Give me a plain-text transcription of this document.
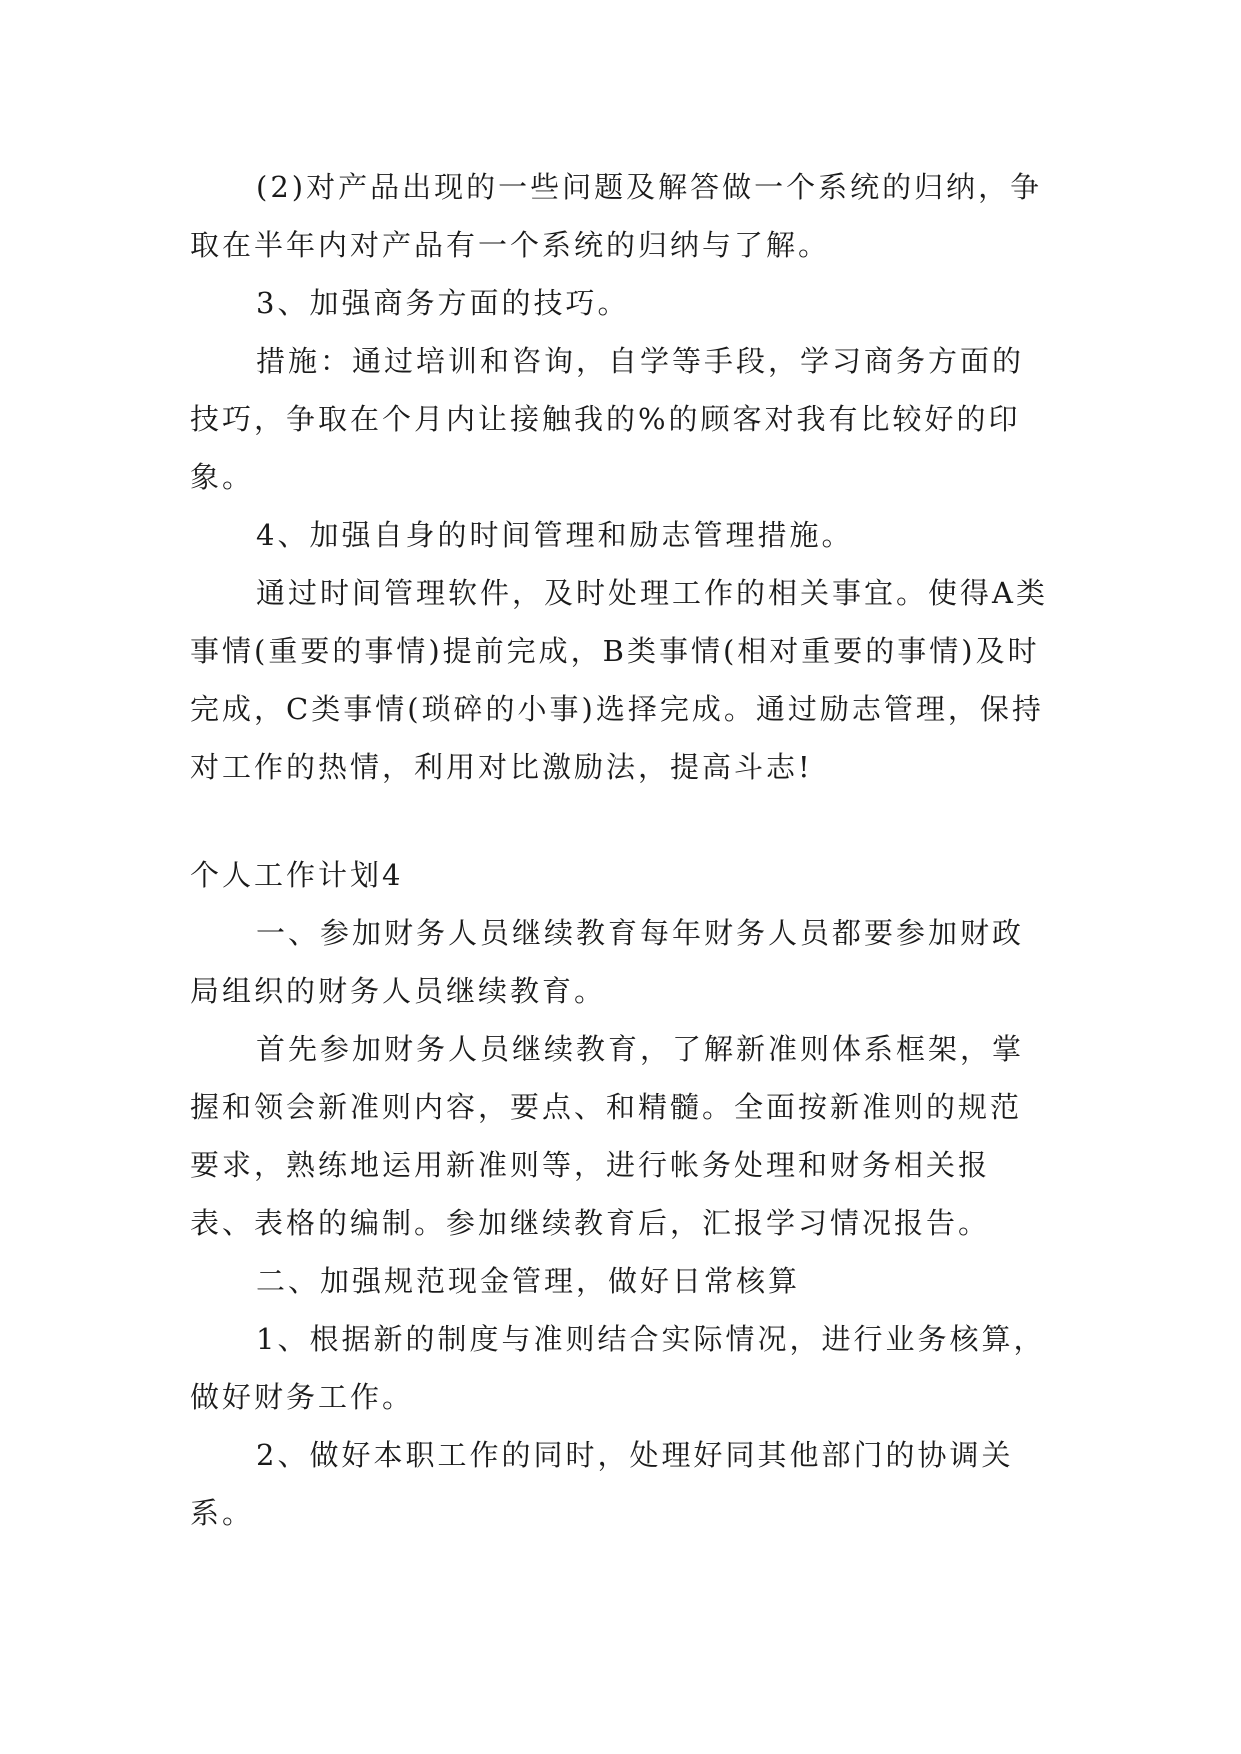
(2)对产品出现的一些问题及解答做一个系统的归纳，争取在半年内对产品有一个系统的归纳与了解。

3、加强商务方面的技巧。

措施：通过培训和咨询，自学等手段，学习商务方面的技巧，争取在个月内让接触我的%的顾客对我有比较好的印象。

4、加强自身的时间管理和励志管理措施。

通过时间管理软件，及时处理工作的相关事宜。使得A类事情(重要的事情)提前完成，B类事情(相对重要的事情)及时完成，C类事情(琐碎的小事)选择完成。通过励志管理，保持对工作的热情，利用对比激励法，提高斗志!

个人工作计划4

一、参加财务人员继续教育每年财务人员都要参加财政局组织的财务人员继续教育。

首先参加财务人员继续教育，了解新准则体系框架，掌握和领会新准则内容，要点、和精髓。全面按新准则的规范要求，熟练地运用新准则等，进行帐务处理和财务相关报表、表格的编制。参加继续教育后，汇报学习情况报告。

二、加强规范现金管理，做好日常核算

1、根据新的制度与准则结合实际情况，进行业务核算，做好财务工作。

2、做好本职工作的同时，处理好同其他部门的协调关系。
